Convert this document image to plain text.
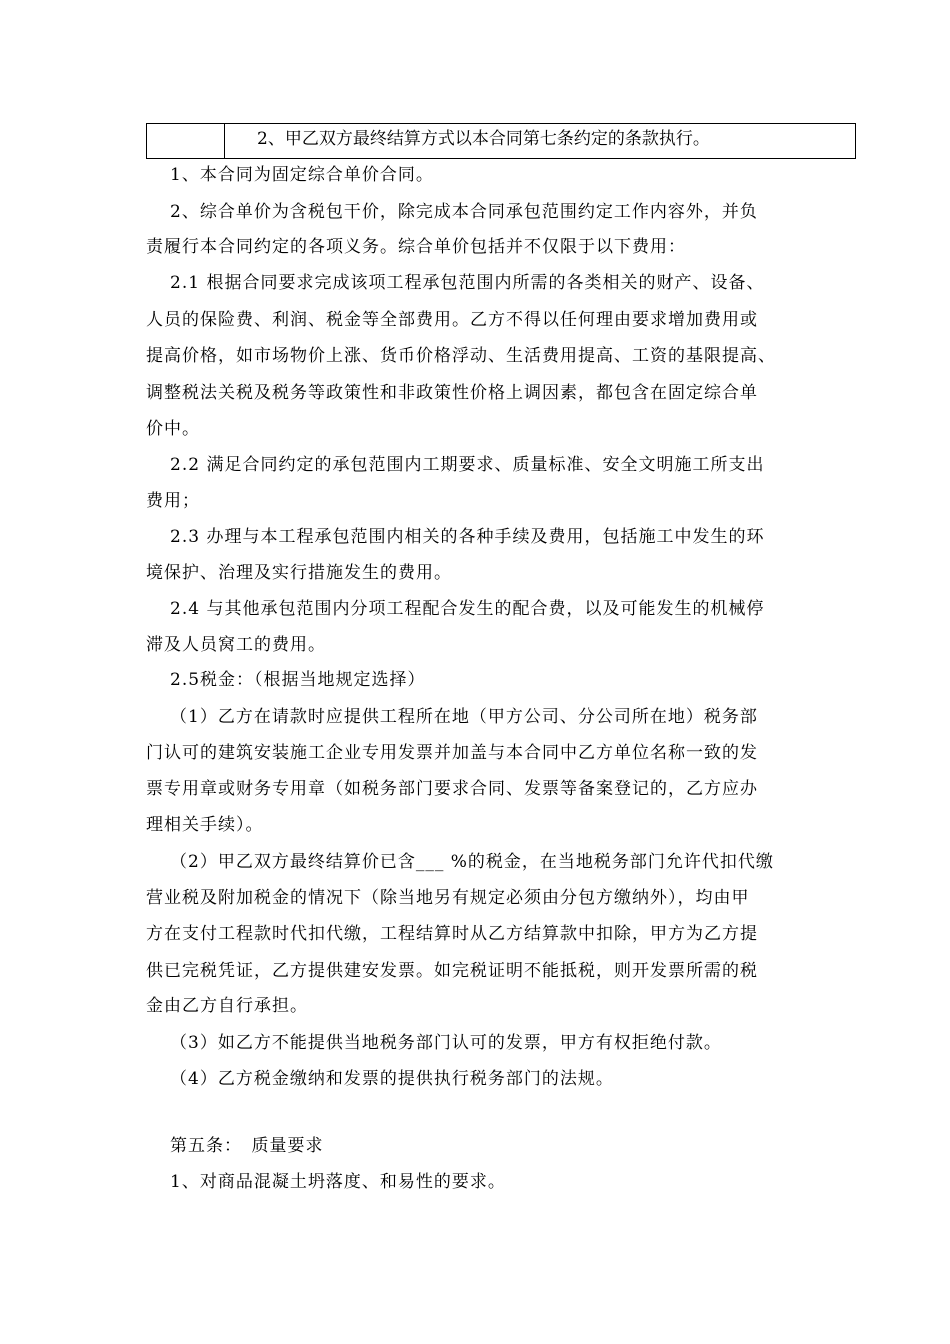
2、甲乙双方最终结算方式以本合同第七条约定的条款执行。
1、本合同为固定综合单价合同。
2、综合单价为含税包干价，除完成本合同承包范围约定工作内容外，并负
责履行本合同约定的各项义务。综合单价包括并不仅限于以下费用：
2.1 根据合同要求完成该项工程承包范围内所需的各类相关的财产、设备、
人员的保险费、利润、税金等全部费用。乙方不得以任何理由要求增加费用或
提高价格，如市场物价上涨、货币价格浮动、生活费用提高、工资的基限提高、
调整税法关税及税务等政策性和非政策性价格上调因素，都包含在固定综合单
价中。
2.2 满足合同约定的承包范围内工期要求、质量标准、安全文明施工所支出
费用；
2.3 办理与本工程承包范围内相关的各种手续及费用，包括施工中发生的环
境保护、治理及实行措施发生的费用。
2.4 与其他承包范围内分项工程配合发生的配合费，以及可能发生的机械停
滞及人员窝工的费用。
2.5税金：（根据当地规定选择）
（1）乙方在请款时应提供工程所在地（甲方公司、分公司所在地）税务部
门认可的建筑安装施工企业专用发票并加盖与本合同中乙方单位名称一致的发
票专用章或财务专用章（如税务部门要求合同、发票等备案登记的，乙方应办
理相关手续）。
（2）甲乙双方最终结算价已含___ %的税金，在当地税务部门允许代扣代缴
营业税及附加税金的情况下（除当地另有规定必须由分包方缴纳外），均由甲
方在支付工程款时代扣代缴，工程结算时从乙方结算款中扣除，甲方为乙方提
供已完税凭证，乙方提供建安发票。如完税证明不能抵税，则开发票所需的税
金由乙方自行承担。
（3）如乙方不能提供当地税务部门认可的发票，甲方有权拒绝付款。
（4）乙方税金缴纳和发票的提供执行税务部门的法规。
第五条：　质量要求
1、对商品混凝土坍落度、和易性的要求。
